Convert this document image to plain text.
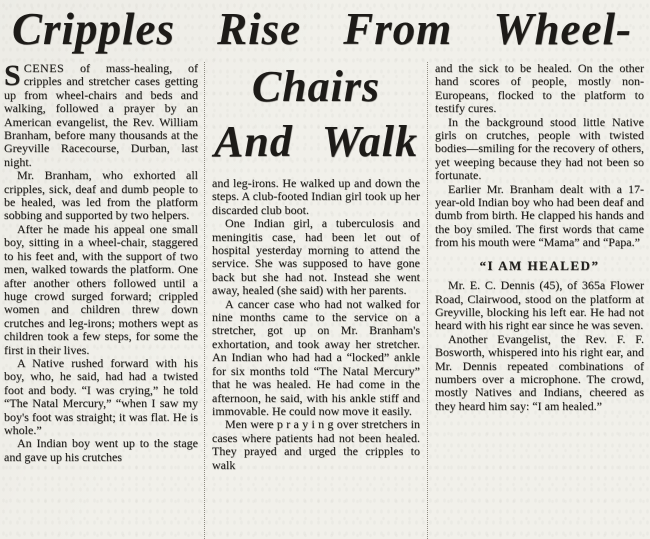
Cripples Rise From Wheel-

SCENES of mass-healing, of cripples and stretcher cases getting up from wheel-chairs and beds and walking, followed a prayer by an American evangelist, the Rev. William Branham, before many thousands at the Greyville Racecourse, Durban, last night.

Mr. Branham, who exhorted all cripples, sick, deaf and dumb people to be healed, was led from the platform sobbing and supported by two helpers.

After he made his appeal one small boy, sitting in a wheel-chair, staggered to his feet and, with the support of two men, walked towards the platform. One after another others followed until a huge crowd surged forward; crippled women and children threw down crutches and leg-irons; mothers wept as children took a few steps, for some the first in their lives.

A Native rushed forward with his boy, who, he said, had had a twisted foot and body. “I was crying,” he told “The Natal Mercury,” “when I saw my boy's foot was straight; it was flat. He is whole.”

An Indian boy went up to the stage and gave up his crutches

Chairs
And Walk

and leg-irons. He walked up and down the steps. A club-footed Indian girl took up her discarded club boot.

One Indian girl, a tuberculosis and meningitis case, had been let out of hospital yesterday morning to attend the service. She was supposed to have gone back but she had not. Instead she went away, healed (she said) with her parents.

A cancer case who had not walked for nine months came to the service on a stretcher, got up on Mr. Branham's exhortation, and took away her stretcher. An Indian who had had a “locked” ankle for six months told “The Natal Mercury” that he was healed. He had come in the afternoon, he said, with his ankle stiff and immovable. He could now move it easily.

Men were p r a y i n g over stretchers in cases where patients had not been healed. They prayed and urged the cripples to walk

and the sick to be healed. On the other hand scores of people, mostly non-Europeans, flocked to the platform to testify cures.

In the background stood little Native girls on crutches, people with twisted bodies—smiling for the recovery of others, yet weeping because they had not been so fortunate.

Earlier Mr. Branham dealt with a 17-year-old Indian boy who had been deaf and dumb from birth. He clapped his hands and the boy smiled. The first words that came from his mouth were “Mama” and “Papa.”

“I AM HEALED”

Mr. E. C. Dennis (45), of 365a Flower Road, Clairwood, stood on the platform at Greyville, blocking his left ear. He had not heard with his right ear since he was seven.

Another Evangelist, the Rev. F. F. Bosworth, whispered into his right ear, and Mr. Dennis repeated combinations of numbers over a microphone. The crowd, mostly Natives and Indians, cheered as they heard him say: “I am healed.”
